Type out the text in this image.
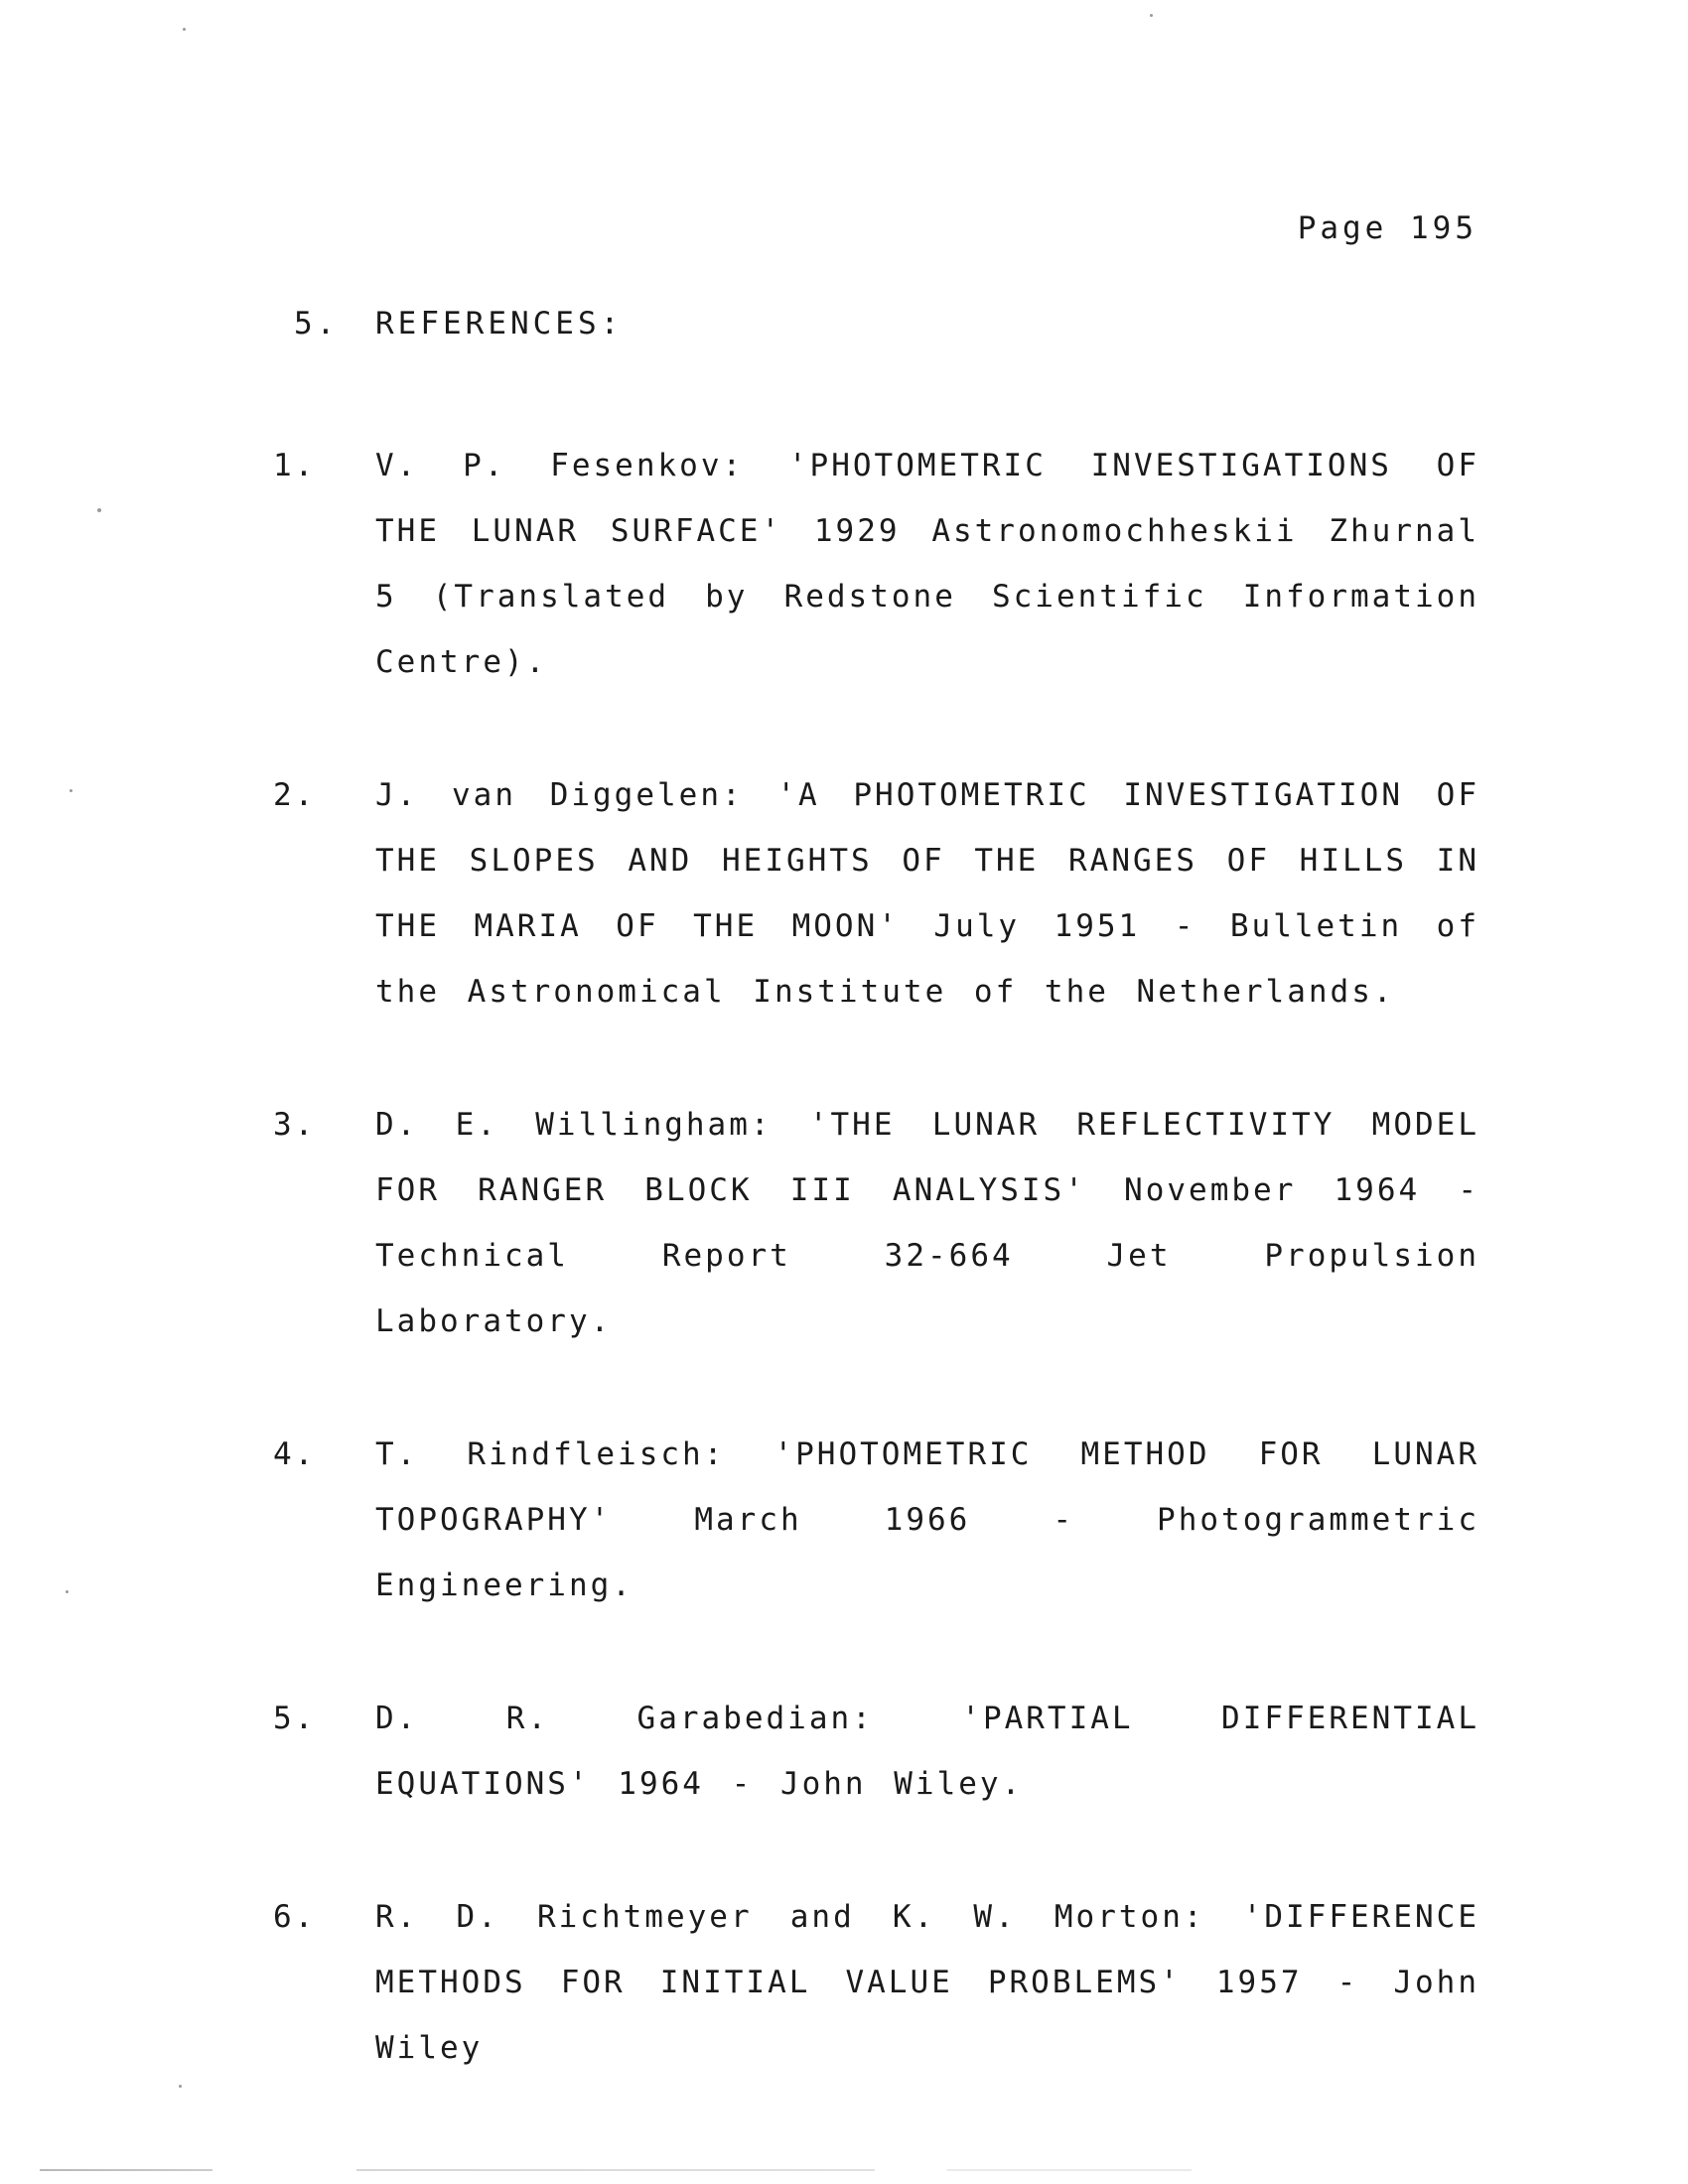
Page 195
5.	REFERENCES:
1.	V. P. Fesenkov: 'PHOTOMETRIC INVESTIGATIONS OF THE LUNAR SURFACE' 1929 Astronomochheskii Zhurnal 5 (Translated by Redstone Scientific Information Centre).
2.	J. van Diggelen: 'A PHOTOMETRIC INVESTIGATION OF THE SLOPES AND HEIGHTS OF THE RANGES OF HILLS IN THE MARIA OF THE MOON' July 1951 - Bulletin of the Astronomical Institute of the Netherlands.
3.	D. E. Willingham: 'THE LUNAR REFLECTIVITY MODEL FOR RANGER BLOCK III ANALYSIS' November 1964 - Technical Report 32-664 Jet Propulsion Laboratory.
4.	T. Rindfleisch: 'PHOTOMETRIC METHOD FOR LUNAR TOPOGRAPHY' March 1966 - Photogrammetric Engineering.
5.	D. R. Garabedian: 'PARTIAL DIFFERENTIAL EQUATIONS' 1964 - John Wiley.
6.	R. D. Richtmeyer and K. W. Morton: 'DIFFERENCE METHODS FOR INITIAL VALUE PROBLEMS' 1957 - John Wiley
